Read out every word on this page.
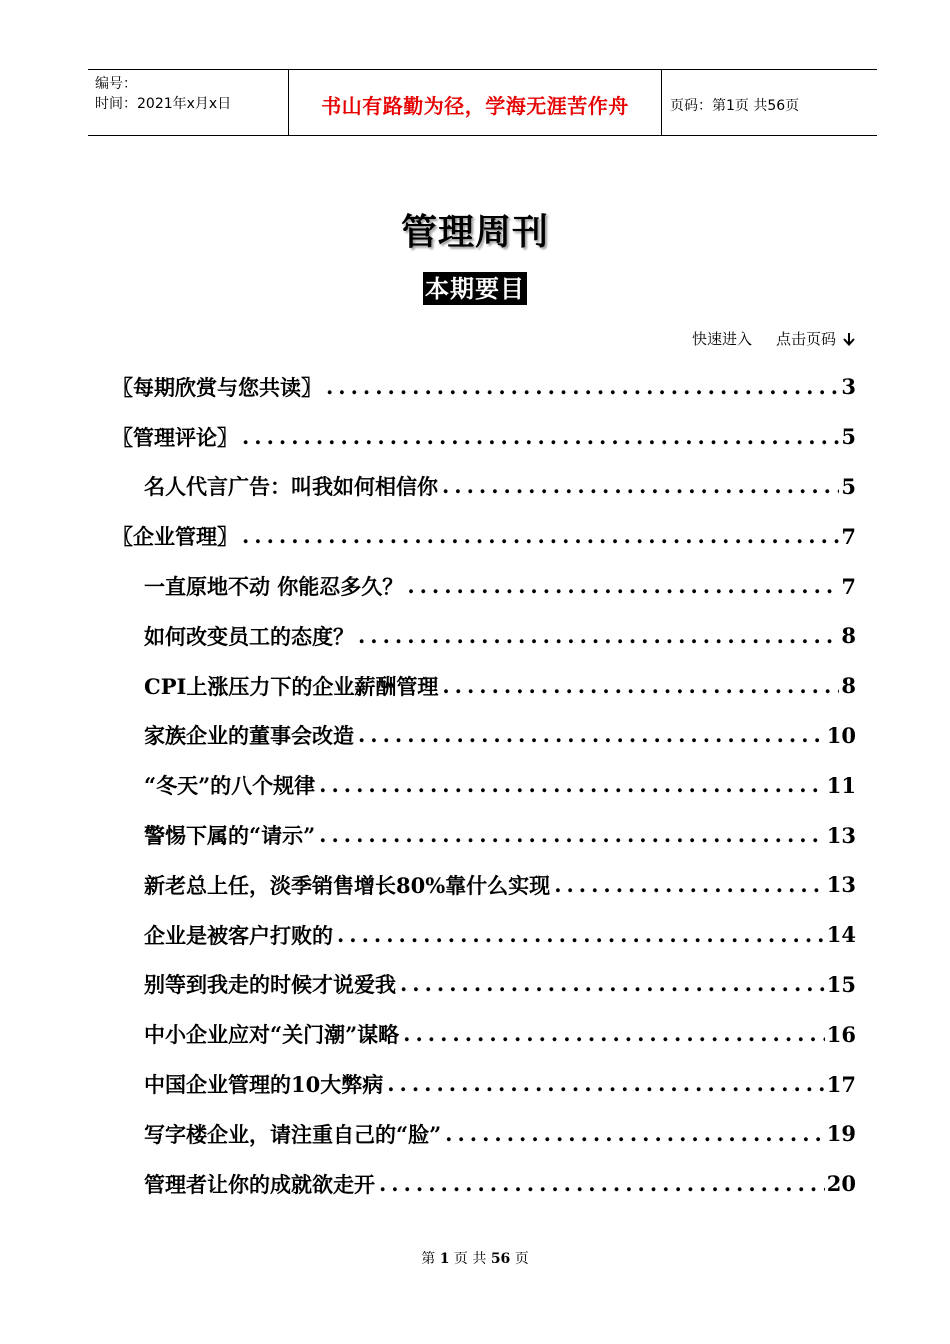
编号：
时间：2021年x月x日	书山有路勤为径，学海无涯苦作舟	页码：第1页 共56页
管理周刊
本期要目
快速进入 点击页码
〖每期欣赏与您共读〗 .....	3
〖管理评论〗 .....	5
名人代言广告：叫我如何相信你 .....	5
〖企业管理〗 .....	7
一直原地不动 你能忍多久？ .....	7
如何改变员工的态度？ .....	8
CPI上涨压力下的企业薪酬管理 .....	8
家族企业的董事会改造 .....	10
“冬天”的八个规律 .....	11
警惕下属的“请示” .....	13
新老总上任，淡季销售增长80%靠什么实现 .....	13
企业是被客户打败的 .....	14
别等到我走的时候才说爱我 .....	15
中小企业应对“关门潮”谋略 .....	16
中国企业管理的10大弊病 .....	17
写字楼企业，请注重自己的“脸” .....	19
管理者让你的成就欲走开 .....	20
第 1 页 共 56 页
